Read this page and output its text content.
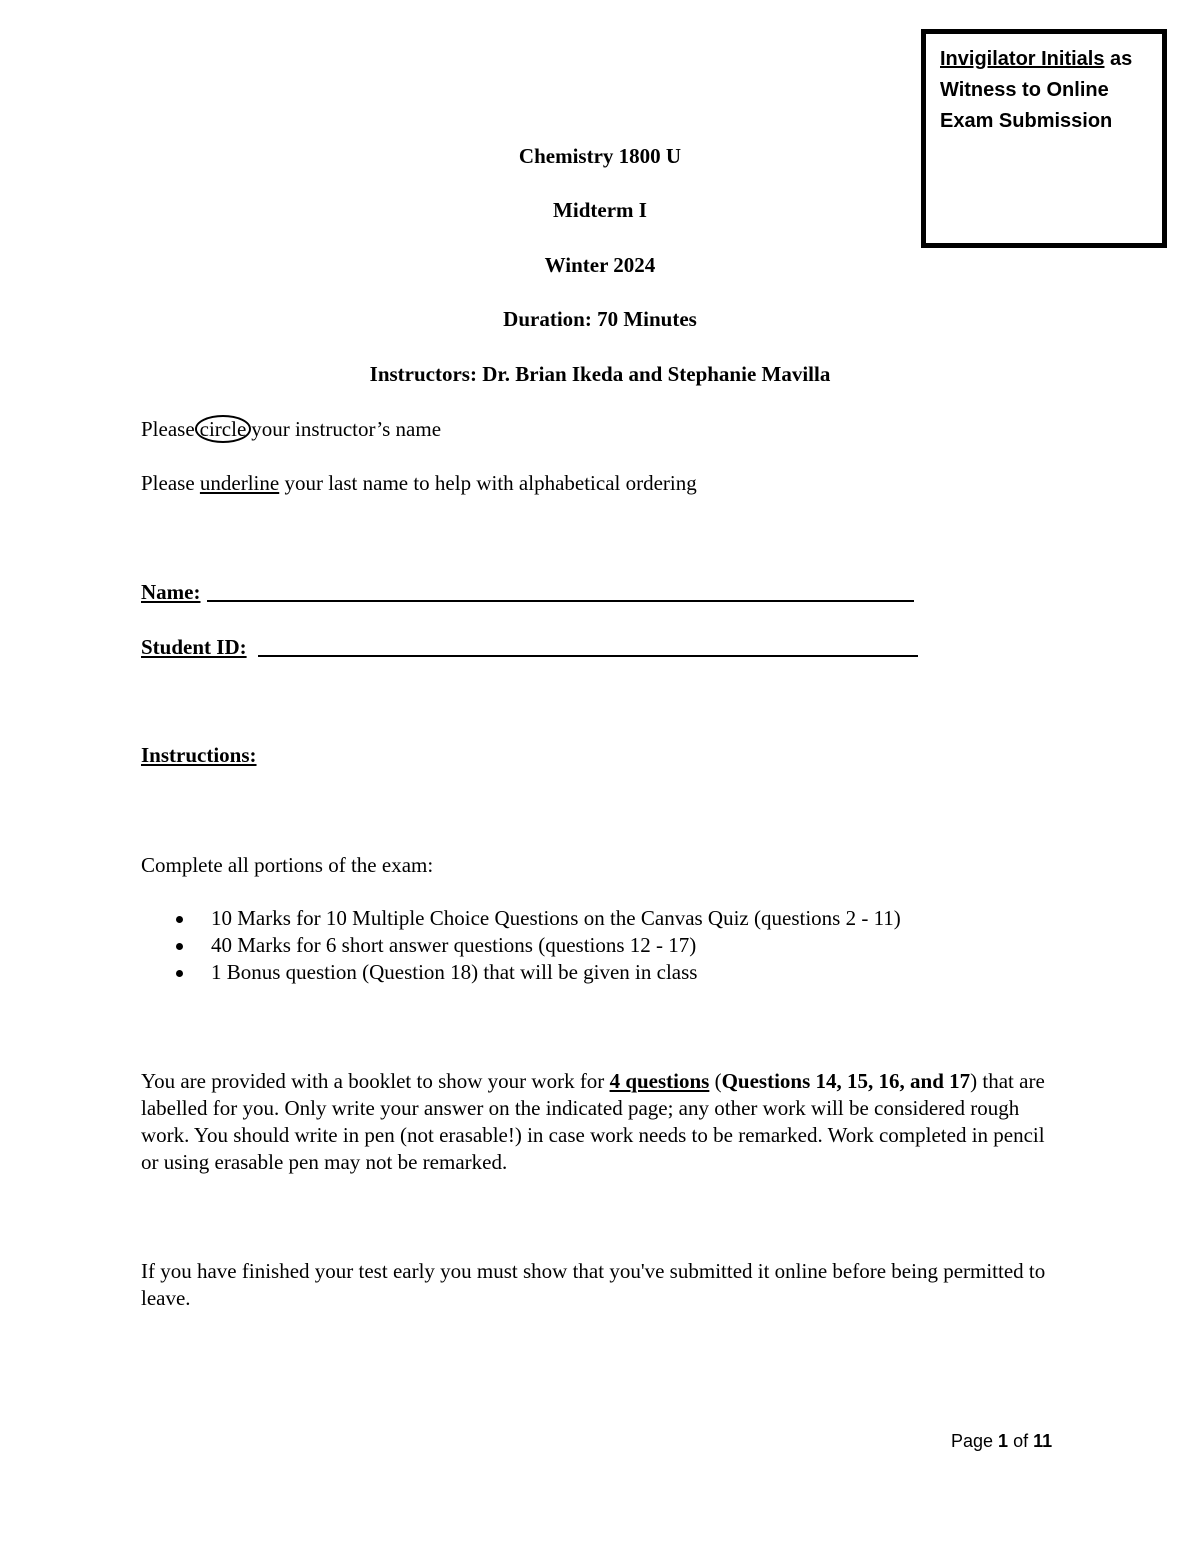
Invigilator Initials as
Witness to Online
Exam Submission
Chemistry 1800 U
Midterm I
Winter 2024
Duration: 70 Minutes
Instructors: Dr. Brian Ikeda and Stephanie Mavilla
Please circle your instructor’s name
Please underline your last name to help with alphabetical ordering
Name:
Student ID:
Instructions:
Complete all portions of the exam:
10 Marks for 10 Multiple Choice Questions on the Canvas Quiz (questions 2 - 11)
40 Marks for 6 short answer questions (questions 12 - 17)
1 Bonus question (Question 18) that will be given in class
You are provided with a booklet to show your work for 4 questions (Questions 14, 15, 16, and 17) that are labelled for you. Only write your answer on the indicated page; any other work will be considered rough work. You should write in pen (not erasable!) in case work needs to be remarked. Work completed in pencil or using erasable pen may not be remarked.
If you have finished your test early you must show that you've submitted it online before being permitted to leave.
Page 1 of 11
